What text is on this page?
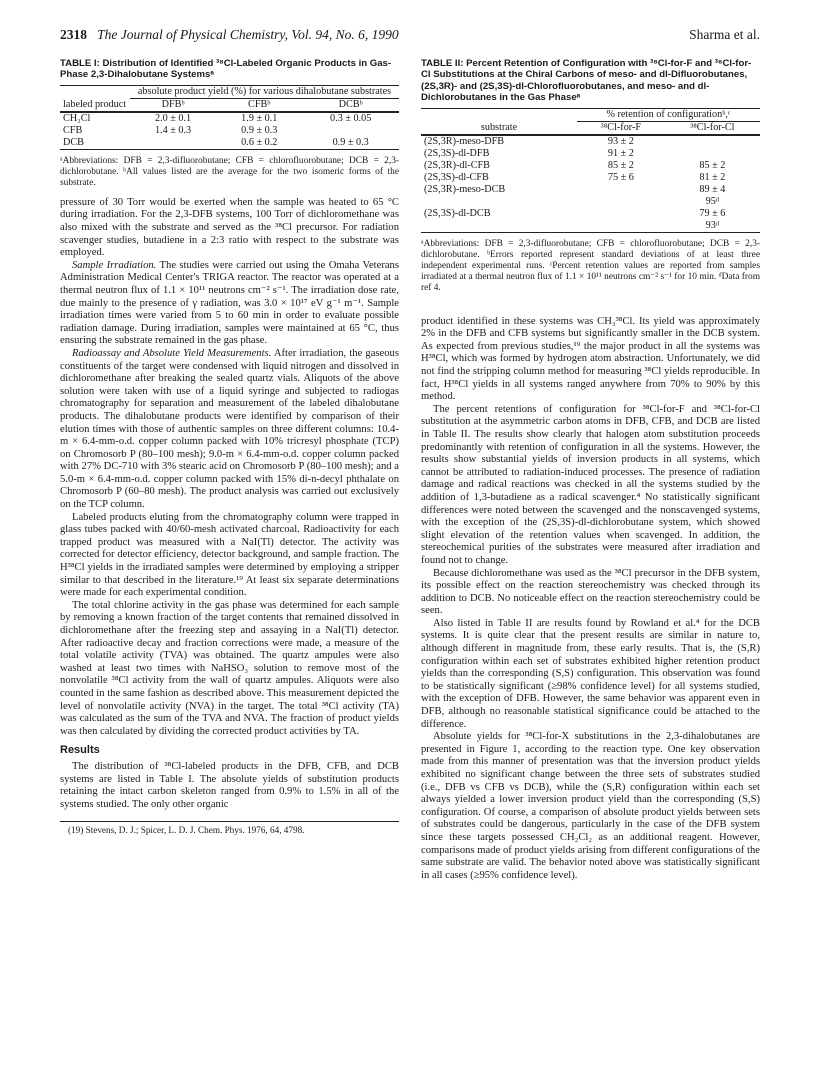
2318 The Journal of Physical Chemistry, Vol. 94, No. 6, 1990	Sharma et al.
TABLE I: Distribution of Identified ³⁸Cl-Labeled Organic Products in Gas-Phase 2,3-Dihalobutane Systemsᵃ
	absolute product yield (%) for various dihalobutane substrates		
labeled product	DFBᵇ	CFBᵇ	DCBᵇ
CH₃Cl	2.0 ± 0.1	1.9 ± 0.1	0.3 ± 0.05
CFB	1.4 ± 0.3	0.9 ± 0.3	
DCB		0.6 ± 0.2	0.9 ± 0.3
ᵃAbbreviations: DFB = 2,3-difluorobutane; CFB = chlorofluorobutane; DCB = 2,3-dichlorobutane. ᵇAll values listed are the average for the two isomeric forms of the substrate.

pressure of 30 Torr would be exerted when the sample was heated to 65 °C during irradiation. For the 2,3-DFB systems, 100 Torr of dichloromethane was also mixed with the substrate and served as the ³⁸Cl precursor. For radiation scavenger studies, butadiene in a 2:3 ratio with respect to the substrate was employed.

Sample Irradiation. The studies were carried out using the Omaha Veterans Administration Medical Center's TRIGA reactor. The reactor was operated at a thermal neutron flux of 1.1 × 10¹¹ neutrons cm⁻² s⁻¹. The irradiation dose rate, due mainly to the presence of γ radiation, was 3.0 × 10¹⁷ eV g⁻¹ m⁻¹. Sample irradiation times were varied from 5 to 60 min in order to evaluate possible radiation damage. During irradiation, samples were maintained at 65 °C, thus ensuring the substrate remained in the gas phase.

Radioassay and Absolute Yield Measurements. After irradiation, the gaseous constituents of the target were condensed with liquid nitrogen and dissolved in dichloromethane after breaking the sealed quartz vials. Aliquots of the above solution were taken with use of a liquid syringe and subjected to radiogas chromatography for separation and measurement of the labeled dihalobutane products. The dihalobutane products were identified by comparison of their elution times with those of authentic samples on three different columns: 10.4-m × 6.4-mm-o.d. copper column packed with 10% tricresyl phosphate (TCP) on Chromosorb P (80–100 mesh); 9.0-m × 6.4-mm-o.d. copper column packed with 27% DC-710 with 3% stearic acid on Chromosorb P (80–100 mesh); and a 5.0-m × 6.4-mm-o.d. copper column packed with 15% di-n-decyl phthalate on Chromosorb P (60–80 mesh). The product analysis was carried out exclusively on the TCP column.

Labeled products eluting from the chromatography column were trapped in glass tubes packed with 40/60-mesh activated charcoal. Radioactivity for each trapped product was measured with a NaI(Tl) detector. The activity was corrected for detector efficiency, detector background, and sample fraction. The H³⁸Cl yields in the irradiated samples were determined by employing a stripper similar to that described in the literature.¹⁹ At least six separate determinations were made for each experimental condition.

The total chlorine activity in the gas phase was determined for each sample by removing a known fraction of the target contents that remained dissolved in dichloromethane after the freezing step and assaying in a NaI(Tl) detector. After radioactive decay and fraction corrections were made, a measure of the total volatile activity (TVA) was obtained. The quartz ampules were also washed at least two times with NaHSO₃ solution to remove most of the nonvolatile ³⁸Cl activity from the wall of quartz ampules. Aliquots were also counted in the same fashion as described above. This measurement depicted the level of nonvolatile activity (NVA) in the target. The total ³⁸Cl activity (TA) was calculated as the sum of the TVA and NVA. The fraction of product yields was then calculated by dividing the corrected product activities by TA.

Results

The distribution of ³⁸Cl-labeled products in the DFB, CFB, and DCB systems are listed in Table I. The absolute yields of substitution products retaining the intact carbon skeleton ranged from 0.9% to 1.5% in all of the systems studied. The only other organic

(19) Stevens, D. J.; Spicer, L. D. J. Chem. Phys. 1976, 64, 4798.
TABLE II: Percent Retention of Configuration with ³⁸Cl-for-F and ³⁸Cl-for-Cl Substitutions at the Chiral Carbons of meso- and dl-Difluorobutanes, (2S,3R)- and (2S,3S)-dl-Chlorofluorobutanes, and meso- and dl-Dichlorobutanes in the Gas Phaseᵃ
	% retention of configurationᵇ,ᶜ	
substrate	³⁸Cl-for-F	³⁸Cl-for-Cl
(2S,3R)-meso-DFB	93 ± 2	
(2S,3S)-dl-DFB	91 ± 2	
(2S,3R)-dl-CFB	85 ± 2	85 ± 2
(2S,3S)-dl-CFB	75 ± 6	81 ± 2
(2S,3R)-meso-DCB		89 ± 4
		95ᵈ
(2S,3S)-dl-DCB		79 ± 6
		93ᵈ
ᵃAbbreviations: DFB = 2,3-difluorobutane; CFB = chlorofluorobutane; DCB = 2,3-dichlorobutane. ᵇErrors reported represent standard deviations of at least three independent experimental runs. ᶜPercent retention values are reported from samples irradiated at a thermal neutron flux of 1.1 × 10¹¹ neutrons cm⁻² s⁻¹ for 10 min. ᵈData from ref 4.

product identified in these systems was CH₃³⁸Cl. Its yield was approximately 2% in the DFB and CFB systems but significantly smaller in the DCB system. As expected from previous studies,¹⁹ the major product in all the systems was H³⁸Cl, which was formed by hydrogen atom abstraction. Unfortunately, we did not find the stripping column method for measuring ³⁸Cl yields reproducible. In fact, H³⁸Cl yields in all systems ranged anywhere from 70% to 90% by this method.

The percent retentions of configuration for ³⁸Cl-for-F and ³⁸Cl-for-Cl substitution at the asymmetric carbon atoms in DFB, CFB, and DCB are listed in Table II. The results show clearly that halogen atom substitution proceeds predominantly with retention of configuration in all the systems. However, the results show substantial yields of inversion products in all systems, which cannot be attributed to radiation-induced processes. The presence of radiation damage and radical reactions was checked in all the systems studied by the addition of 1,3-butadiene as a radical scavenger.⁴ No statistically significant differences were noted between the scavenged and the nonscavenged systems, with the exception of the (2S,3S)-dl-dichlorobutane system, which showed slight elevation of the retention values when scavenged. In addition, the stereochemical purities of the substrates were measured after irradiation and found not to change.

Because dichloromethane was used as the ³⁸Cl precursor in the DFB system, its possible effect on the reaction stereochemistry was checked through its addition to DCB. No noticeable effect on the reaction stereochemistry could be seen.

Also listed in Table II are results found by Rowland et al.⁴ for the DCB systems. It is quite clear that the present results are similar in nature to, although different in magnitude from, these early results. That is, the (S,R) configuration within each set of substrates exhibited higher retention product yields than the corresponding (S,S) configuration. This observation was found to be statistically significant (≥98% confidence level) for all systems studied, with the exception of DFB. However, the same behavior was apparent even in DFB, although no reasonable statistical significance could be attached to the difference.

Absolute yields for ³⁸Cl-for-X substitutions in the 2,3-dihalobutanes are presented in Figure 1, according to the reaction type. One key observation made from this manner of presentation was that the inversion product yields exhibited no significant change between the three sets of substrates studied (i.e., DFB vs CFB vs DCB), while the (S,R) configuration within each set always yielded a lower inversion product yield than the corresponding (S,S) configuration. Of course, a comparison of absolute product yields between sets of substrates could be dangerous, particularly in the case of the DFB system since these targets possessed CH₂Cl₂ as an additional reagent. However, comparisons made of product yields arising from different configurations of the same substrate are valid. The behavior noted above was statistically significant in all cases (≥95% confidence level).
